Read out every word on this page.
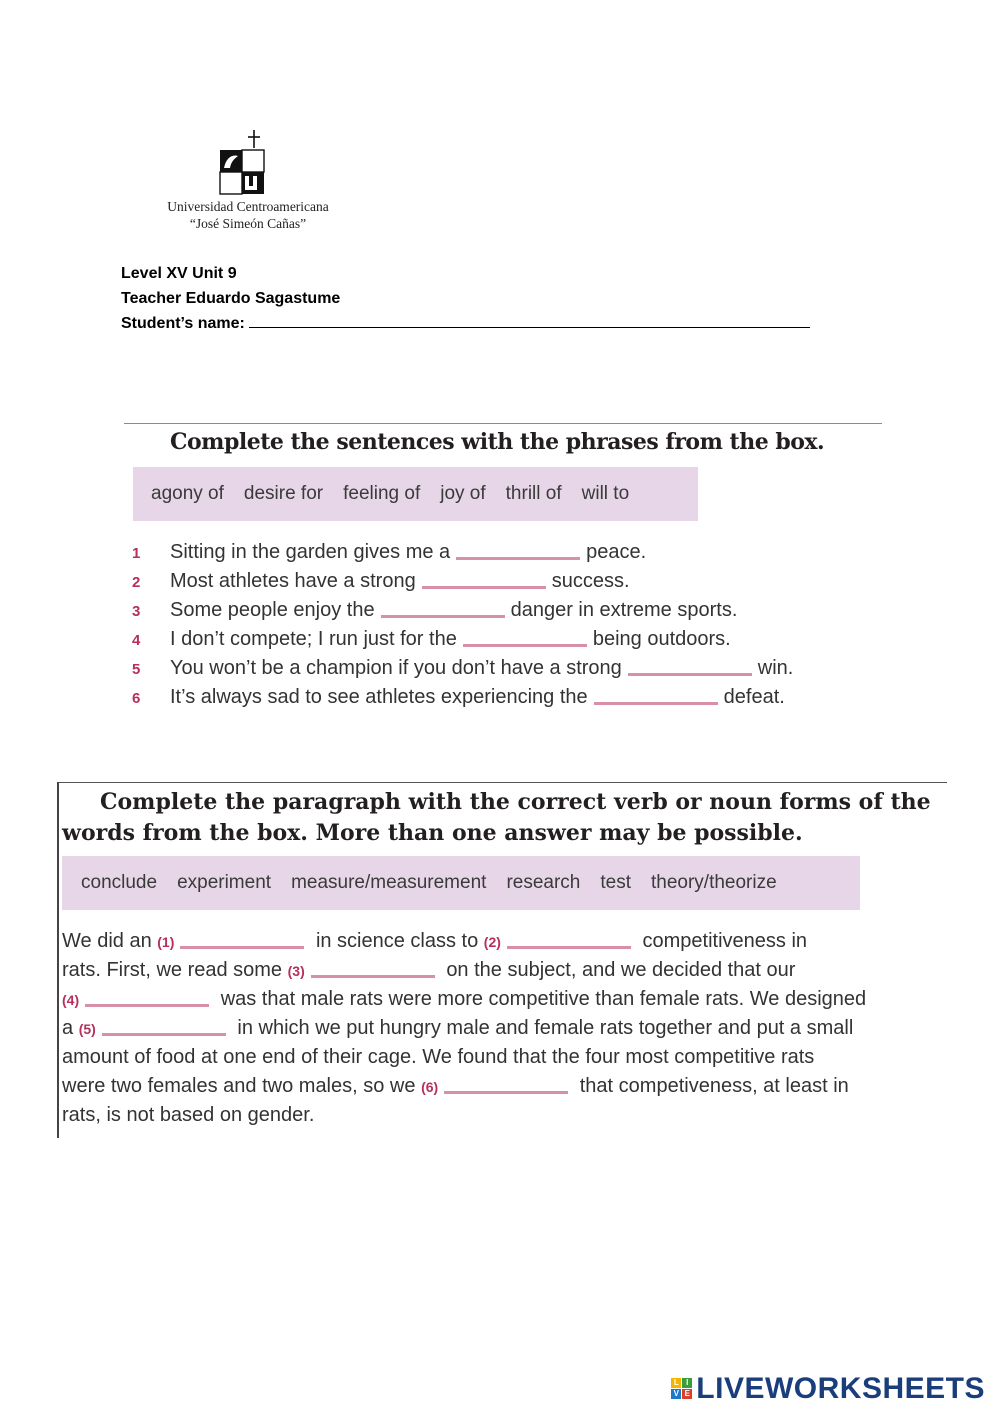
Universidad Centroamericana
“José Simeón Cañas”
Level XV Unit 9
Teacher Eduardo Sagastume
Student’s name:
Complete the sentences with the phrases from the box.
agony of desire for feeling of joy of thrill of will to
1 Sitting in the garden gives me a	peace.
2 Most athletes have a strong	success.
3 Some people enjoy the	danger in extreme sports.
4 I don’t compete; I run just for the	being outdoors.
5 You won’t be a champion if you don’t have a strong	win.
6 It’s always sad to see athletes experiencing the	defeat.
Complete the paragraph with the correct verb or noun forms of the
words from the box. More than one answer may be possible.
conclude experiment measure/measurement research test theory/theorize
We did an (1)	in science class to (2)	competitiveness in
rats. First, we read some (3)	on the subject, and we decided that our
(4)	was that male rats were more competitive than female rats. We designed
a (5)	in which we put hungry male and female rats together and put a small
amount of food at one end of their cage. We found that the four most competitive rats
were two females and two males, so we (6)	that competiveness, at least in
rats, is not based on gender.
L I
V E LIVEWORKSHEETS
